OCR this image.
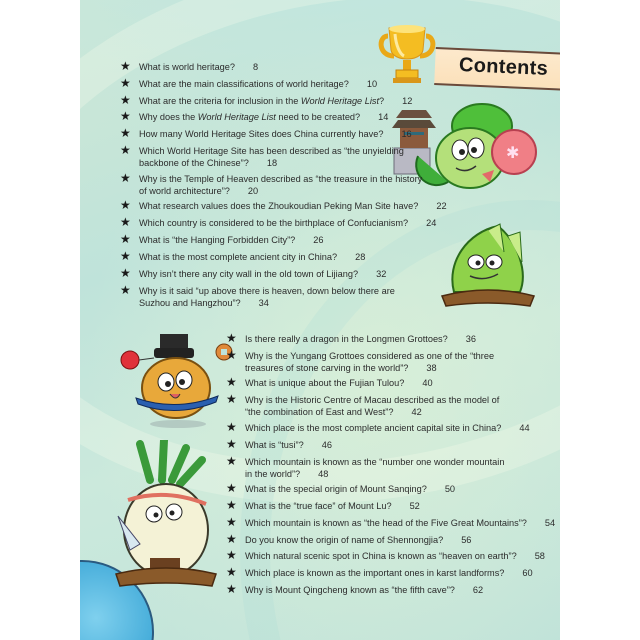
Contents
✱
★ What is world heritage? 8
★ What are the main classifications of world heritage? 10
★ What are the criteria for inclusion in the World Heritage List? 12
★ Why does the World Heritage List need to be created? 14
★ How many World Heritage Sites does China currently have? 16
★ Which World Heritage Site has been described as “the unyielding
backbone of the Chinese”? 18
★ Why is the Temple of Heaven described as “the treasure in the history
of world architecture”? 20
★ What research values does the Zhoukoudian Peking Man Site have? 22
★ Which country is considered to be the birthplace of Confucianism? 24
★ What is “the Hanging Forbidden City”? 26
★ What is the most complete ancient city in China? 28
★ Why isn’t there any city wall in the old town of Lijiang? 32
★ Why is it said “up above there is heaven, down below there are
Suzhou and Hangzhou”? 34
★ Is there really a dragon in the Longmen Grottoes? 36
★ Why is the Yungang Grottoes considered as one of the “three
treasures of stone carving in the world”? 38
★ What is unique about the Fujian Tulou? 40
★ Why is the Historic Centre of Macau described as the model of
“the combination of East and West”? 42
★ Which place is the most complete ancient capital site in China? 44
★ What is “tusi”? 46
★ Which mountain is known as the “number one wonder mountain
in the world”? 48
★ What is the special origin of Mount Sanqing? 50
★ What is the “true face” of Mount Lu? 52
★ Which mountain is known as “the head of the Five Great Mountains”? 54
★ Do you know the origin of name of Shennongjia? 56
★ Which natural scenic spot in China is known as “heaven on earth”? 58
★ Which place is known as the important ones in karst landforms? 60
★ Why is Mount Qingcheng known as “the fifth cave”? 62
